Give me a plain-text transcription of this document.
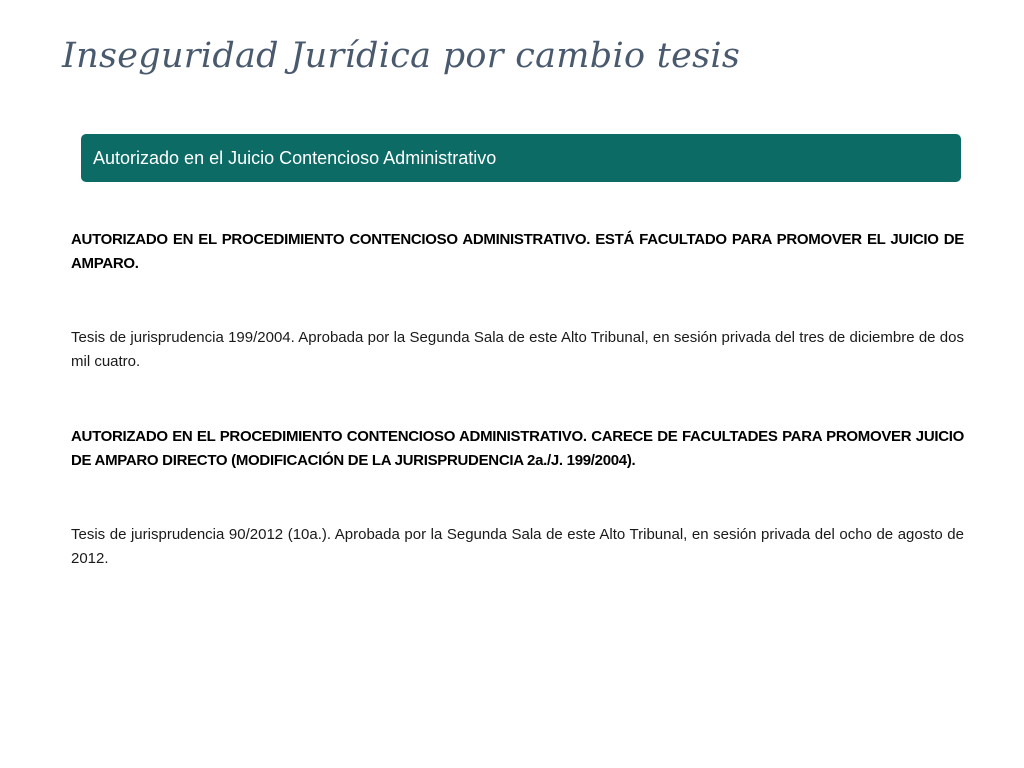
Inseguridad Jurídica por cambio tesis
Autorizado en el Juicio Contencioso Administrativo

AUTORIZADO EN EL PROCEDIMIENTO CONTENCIOSO ADMINISTRATIVO. ESTÁ FACULTADO PARA PROMOVER EL JUICIO DE AMPARO.

Tesis de jurisprudencia 199/2004. Aprobada por la Segunda Sala de este Alto Tribunal, en sesión privada del tres de diciembre de dos mil cuatro.

AUTORIZADO EN EL PROCEDIMIENTO CONTENCIOSO ADMINISTRATIVO. CARECE DE FACULTADES PARA PROMOVER JUICIO DE AMPARO DIRECTO (MODIFICACIÓN DE LA JURISPRUDENCIA 2a./J. 199/2004).

Tesis de jurisprudencia 90/2012 (10a.). Aprobada por la Segunda Sala de este Alto Tribunal, en sesión privada del ocho de agosto de 2012.
